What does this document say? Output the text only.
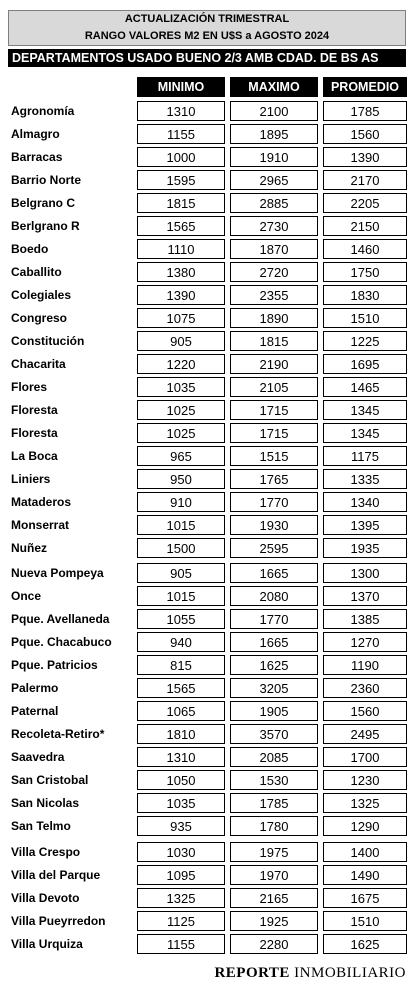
ACTUALIZACIÓN TRIMESTRAL
RANGO VALORES M2 EN U$S a AGOSTO 2024
DEPARTAMENTOS USADO BUENO 2/3 AMB CDAD. DE BS AS
MINIMO	MAXIMO	PROMEDIO
Agronomía	1310	2100	1785
Almagro	1155	1895	1560
Barracas	1000	1910	1390
Barrio Norte	1595	2965	2170
Belgrano C	1815	2885	2205
Berlgrano R	1565	2730	2150
Boedo	1110	1870	1460
Caballito	1380	2720	1750
Colegiales	1390	2355	1830
Congreso	1075	1890	1510
Constitución	905	1815	1225
Chacarita	1220	2190	1695
Flores	1035	2105	1465
Floresta	1025	1715	1345
Floresta	1025	1715	1345
La Boca	965	1515	1175
Liniers	950	1765	1335
Mataderos	910	1770	1340
Monserrat	1015	1930	1395
Nuñez	1500	2595	1935
Nueva Pompeya	905	1665	1300
Once	1015	2080	1370
Pque. Avellaneda	1055	1770	1385
Pque. Chacabuco	940	1665	1270
Pque. Patricios	815	1625	1190
Palermo	1565	3205	2360
Paternal	1065	1905	1560
Recoleta-Retiro*	1810	3570	2495
Saavedra	1310	2085	1700
San Cristobal	1050	1530	1230
San Nicolas	1035	1785	1325
San Telmo	935	1780	1290
Villa Crespo	1030	1975	1400
Villa del Parque	1095	1970	1490
Villa Devoto	1325	2165	1675
Villa Pueyrredon	1125	1925	1510
Villa Urquiza	1155	2280	1625
REPORTE INMOBILIARIO
